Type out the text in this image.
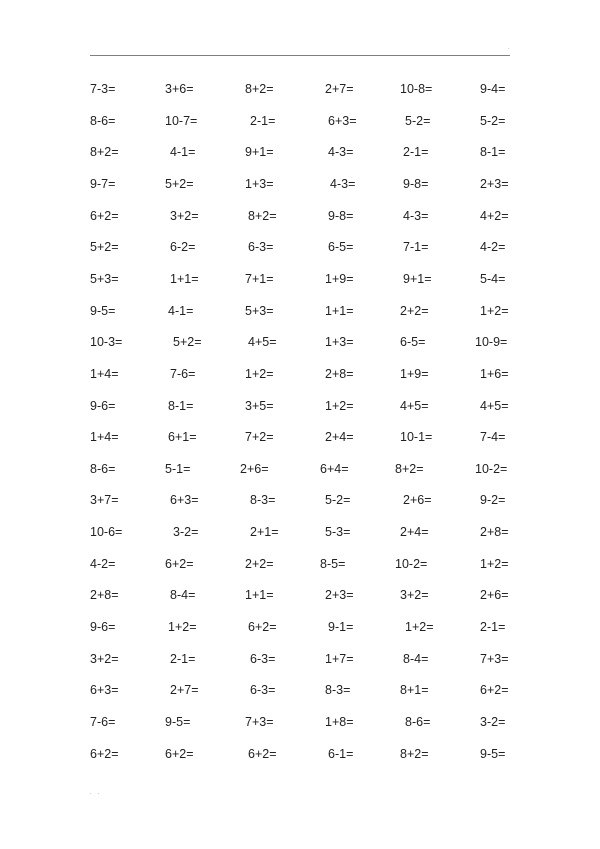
.
7-3=	3+6=	8+2=	2+7=	10-8=	9-4=
8-6=	10-7=	2-1=	6+3=	5-2=	5-2=
8+2=	4-1=	9+1=	4-3=	2-1=	8-1=
9-7=	5+2=	1+3=	4-3=	9-8=	2+3=
6+2=	3+2=	8+2=	9-8=	4-3=	4+2=
5+2=	6-2=	6-3=	6-5=	7-1=	4-2=
5+3=	1+1=	7+1=	1+9=	9+1=	5-4=
9-5=	4-1=	5+3=	1+1=	2+2=	1+2=
10-3=	5+2=	4+5=	1+3=	6-5=	10-9=
1+4=	7-6=	1+2=	2+8=	1+9=	1+6=
9-6=	8-1=	3+5=	1+2=	4+5=	4+5=
1+4=	6+1=	7+2=	2+4=	10-1=	7-4=
8-6=	5-1=	2+6=	6+4=	8+2=	10-2=
3+7=	6+3=	8-3=	5-2=	2+6=	9-2=
10-6=	3-2=	2+1=	5-3=	2+4=	2+8=
4-2=	6+2=	2+2=	8-5=	10-2=	1+2=
2+8=	8-4=	1+1=	2+3=	3+2=	2+6=
9-6=	1+2=	6+2=	9-1=	1+2=	2-1=
3+2=	2-1=	6-3=	1+7=	8-4=	7+3=
6+3=	2+7=	6-3=	8-3=	8+1=	6+2=
7-6=	9-5=	7+3=	1+8=	8-6=	3-2=
6+2=	6+2=	6+2=	6-1=	8+2=	9-5=
. .
